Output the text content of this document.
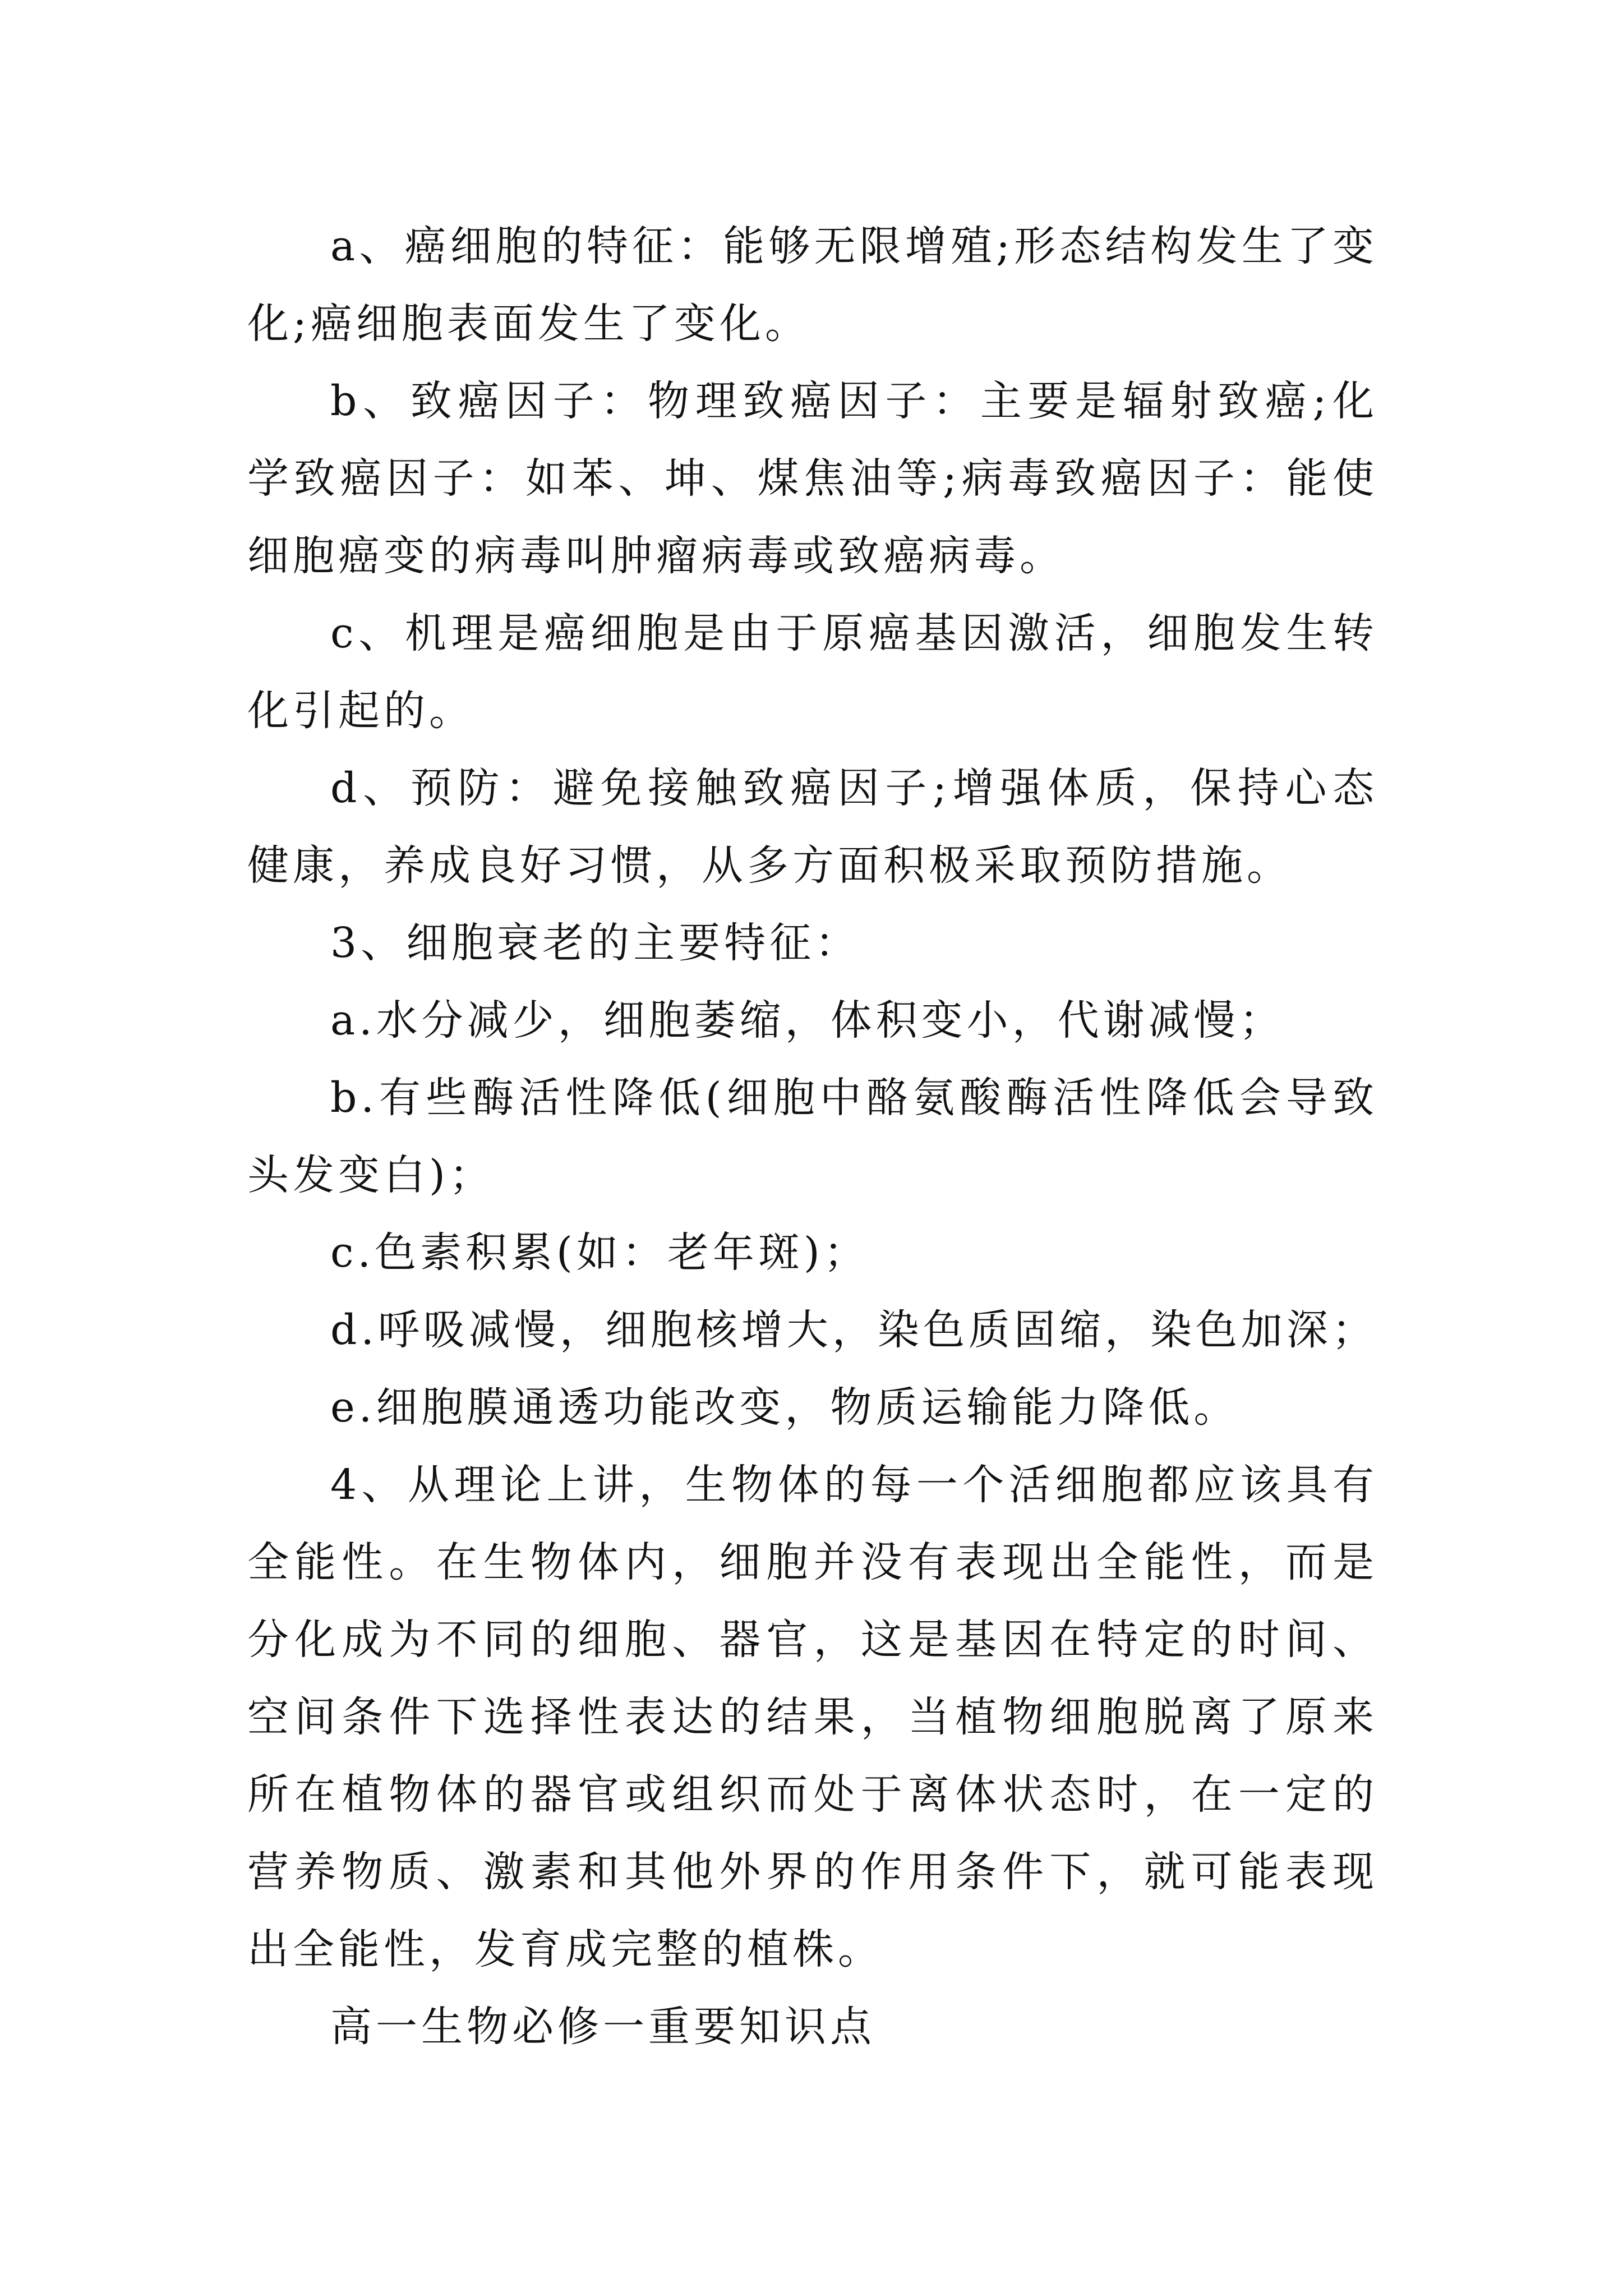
a、癌细胞的特征：能够无限增殖;形态结构发生了变化;癌细胞表面发生了变化。

b、致癌因子：物理致癌因子：主要是辐射致癌;化学致癌因子：如苯、坤、煤焦油等;病毒致癌因子：能使细胞癌变的病毒叫肿瘤病毒或致癌病毒。

c、机理是癌细胞是由于原癌基因激活，细胞发生转化引起的。

d、预防：避免接触致癌因子;增强体质，保持心态健康，养成良好习惯，从多方面积极采取预防措施。

3、细胞衰老的主要特征：

a.水分减少，细胞萎缩，体积变小，代谢减慢；

b.有些酶活性降低(细胞中酪氨酸酶活性降低会导致头发变白)；

c.色素积累(如：老年斑)；

d.呼吸减慢，细胞核增大，染色质固缩，染色加深；

e.细胞膜通透功能改变，物质运输能力降低。

4、从理论上讲，生物体的每一个活细胞都应该具有全能性。在生物体内，细胞并没有表现出全能性，而是分化成为不同的细胞、器官，这是基因在特定的时间、空间条件下选择性表达的结果，当植物细胞脱离了原来所在植物体的器官或组织而处于离体状态时，在一定的营养物质、激素和其他外界的作用条件下，就可能表现出全能性，发育成完整的植株。

高一生物必修一重要知识点
